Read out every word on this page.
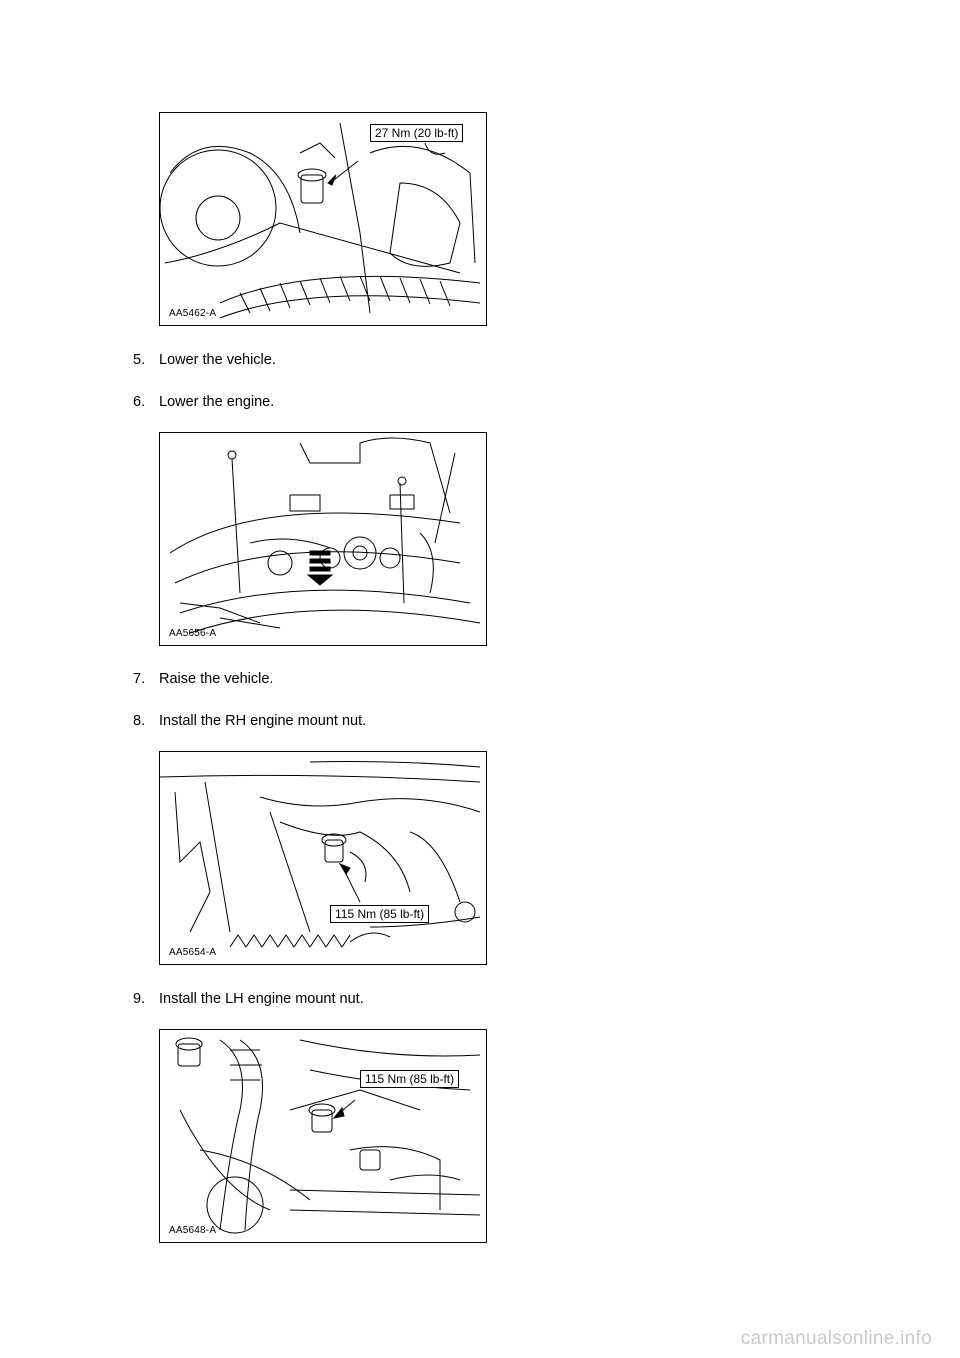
27 Nm (20 lb-ft)
AA5462-A
5. Lower the vehicle.
6. Lower the engine.
AA5656-A
7. Raise the vehicle.
8. Install the RH engine mount nut.
115 Nm (85 lb-ft)
AA5654-A
9. Install the LH engine mount nut.
115 Nm (85 lb-ft)
AA5648-A
carmanualsonline.info
